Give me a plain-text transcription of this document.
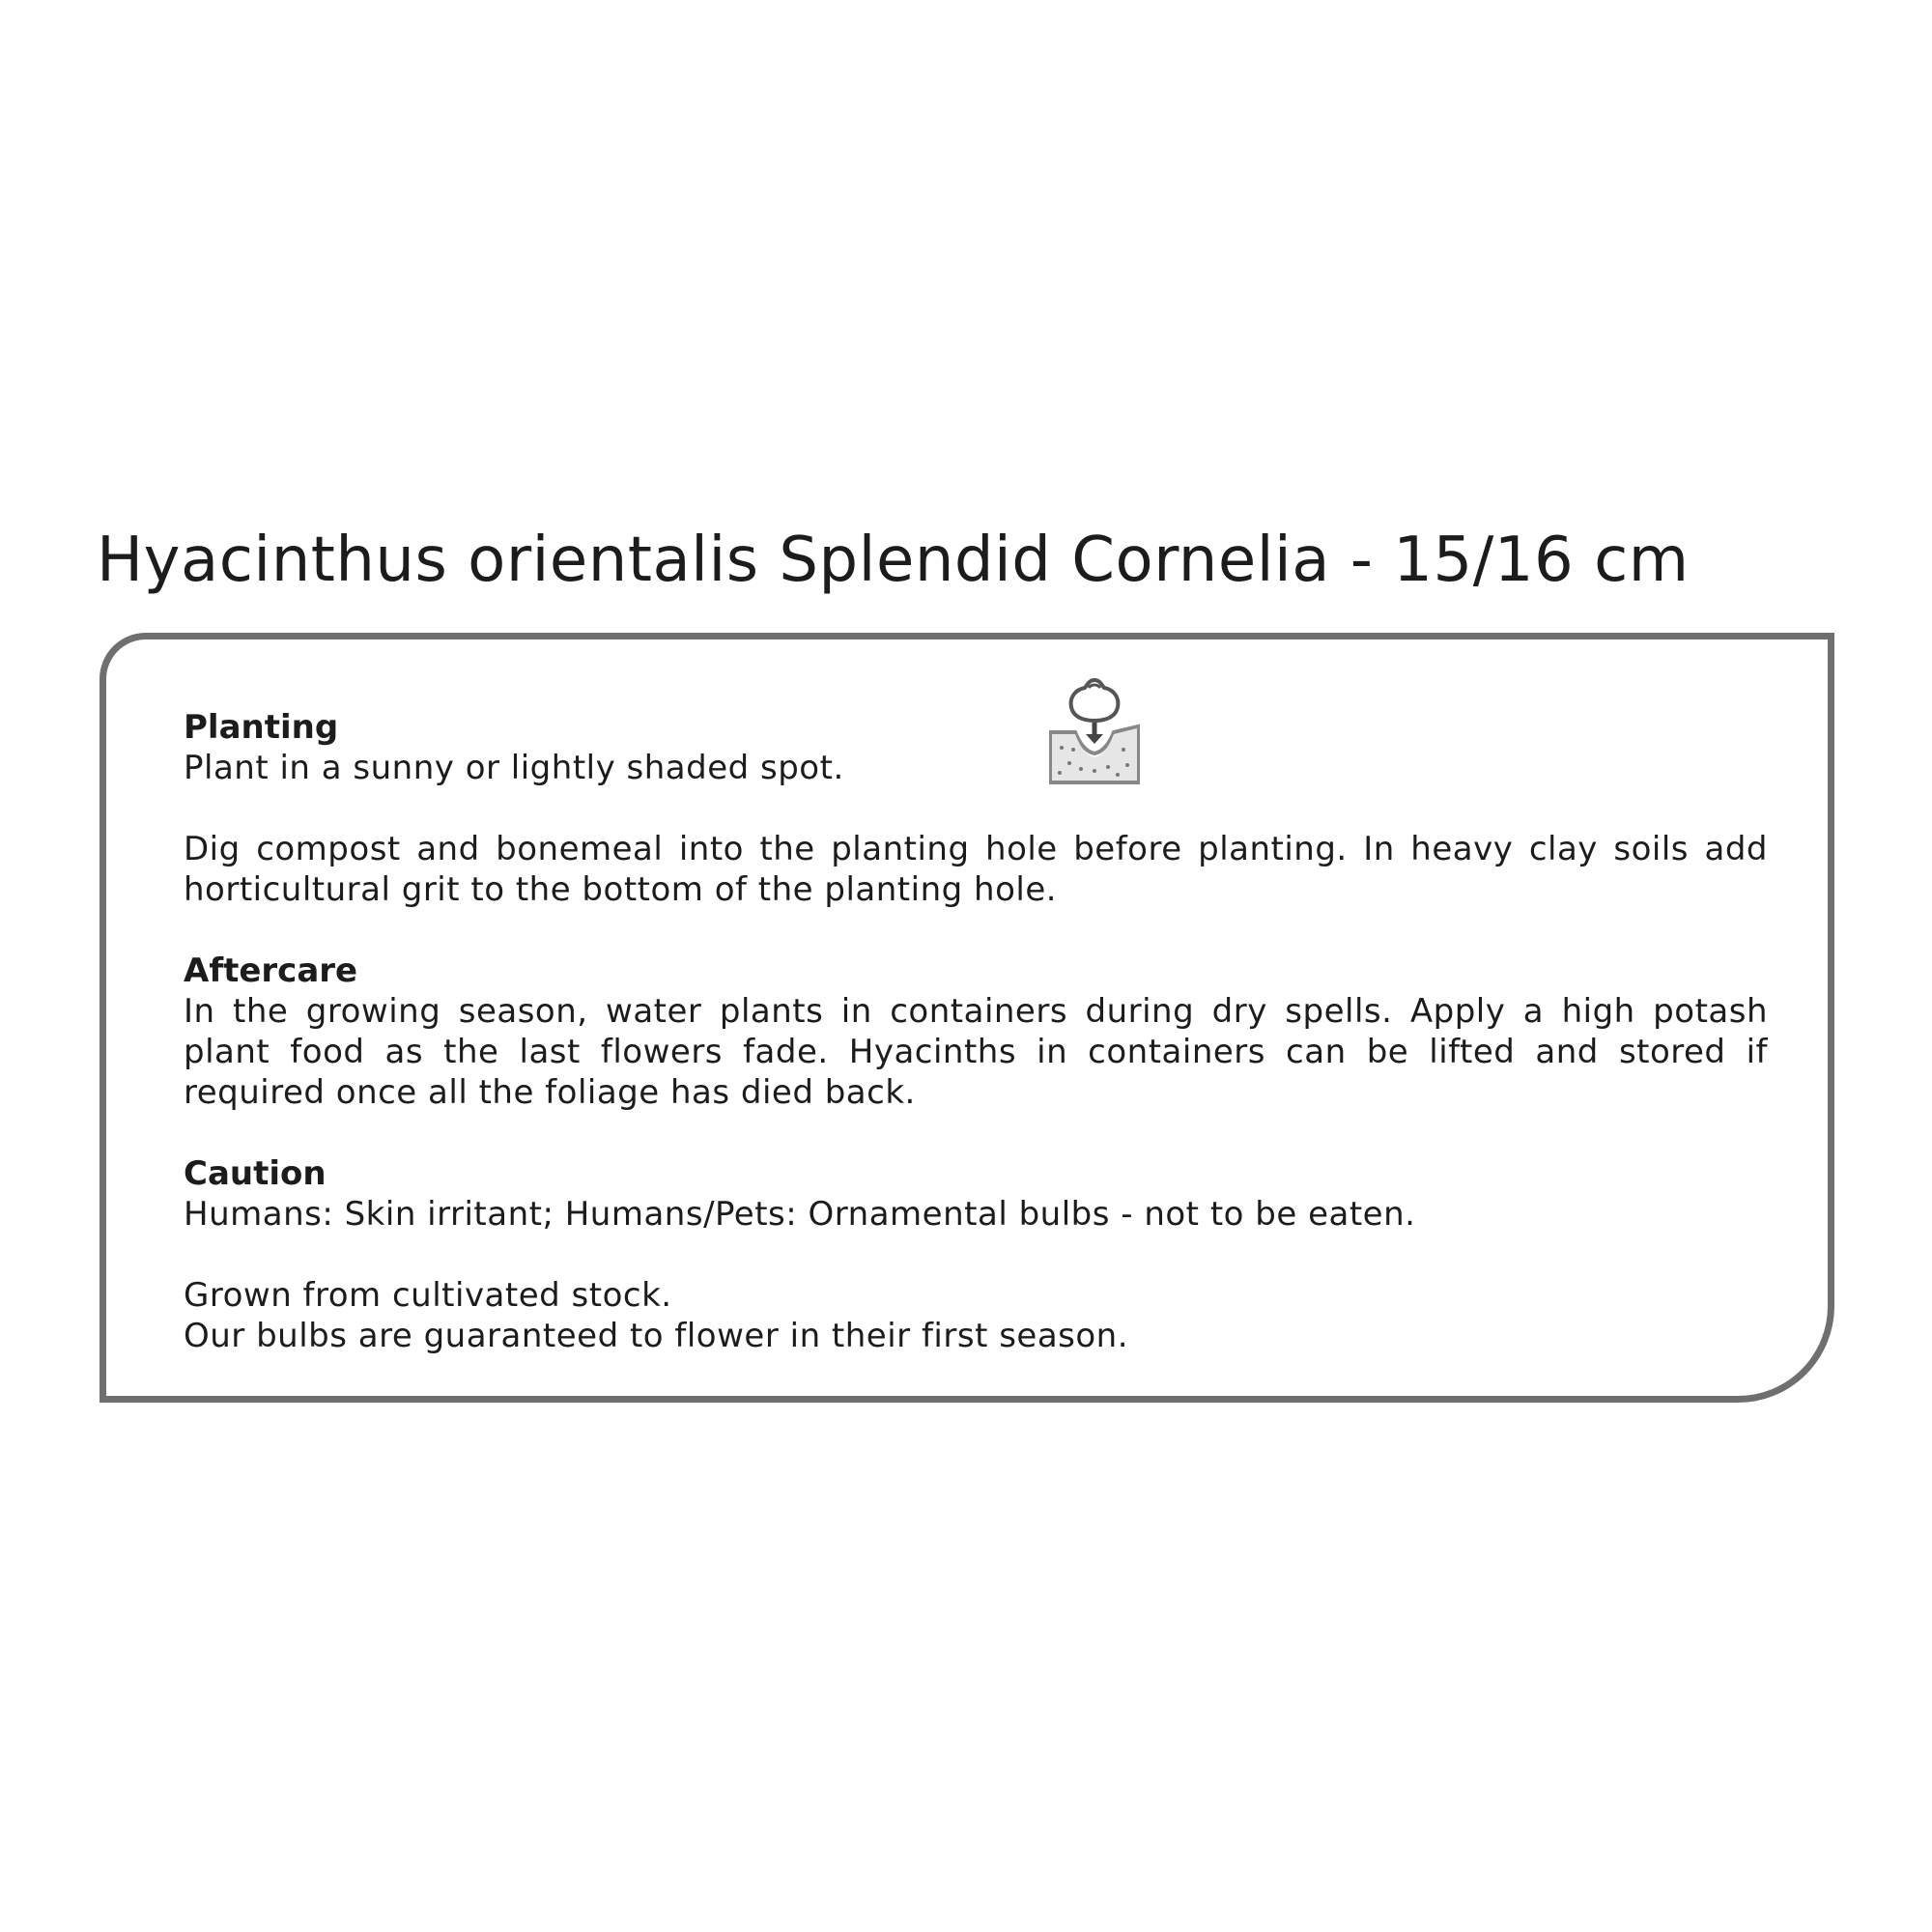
Hyacinthus orientalis Splendid Cornelia - 15/16 cm

Planting

Plant in a sunny or lightly shaded spot.

Dig compost and bonemeal into the planting hole before planting. In heavy clay soils add horticultural grit to the bottom of the planting hole.

Aftercare

In the growing season, water plants in containers during dry spells. Apply a high potash plant food as the last flowers fade. Hyacinths in containers can be lifted and stored if required once all the foliage has died back.

Caution

Humans: Skin irritant; Humans/Pets: Ornamental bulbs - not to be eaten.

Grown from cultivated stock.

Our bulbs are guaranteed to flower in their first season.
